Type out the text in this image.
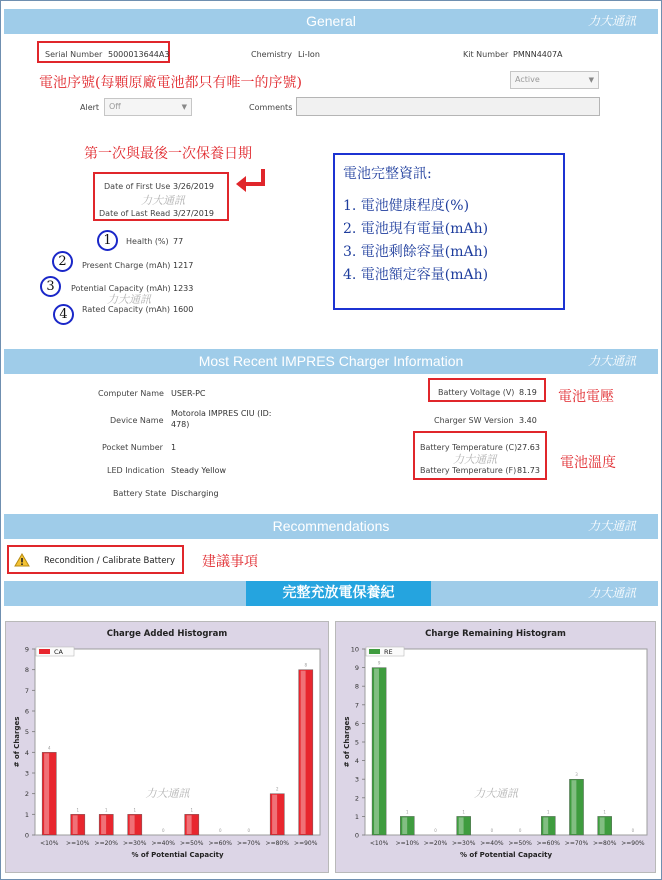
General	力大通訊
Serial Number 5000013644A3	Chemistry Li-Ion	Kit Number PMNN4407A
電池序號(每顆原廠電池都只有唯一的序號)	Active	▼
Alert	Off	▼	Comments
第一次與最後一次保養日期
Date of First Use 3/26/2019
力大通訊
Date of Last Read 3/27/2019
電池完整資訊:
1. 電池健康程度(%)
2. 電池現有電量(mAh)
3. 電池剩餘容量(mAh)
4. 電池額定容量(mAh)
1	Health (%) 77
2	Present Charge (mAh) 1217
3	Potential Capacity (mAh) 1233
力大通訊
4	Rated Capacity (mAh) 1600
Most Recent IMPRES Charger Information	力大通訊
Computer Name USER-PC
Device Name
Motorola IMPRES CIU (ID:
478)
Pocket Number 1
LED Indication Steady Yellow
Battery State Discharging
Battery Voltage (V) 8.19 電池電壓
Charger SW Version 3.40
Battery Temperature (C) 27.63
力大通訊
Battery Temperature (F) 81.73 電池溫度
Recommendations	力大通訊
Recondition / Calibrate Battery 建議事項
力大通訊
完整充放電保養紀
Charge Added Histogram
CA
0
1
2
3
4
5
6
7
8
9
# of Charges	4
<10%
1
>=10%
1
>=20%
1
>=30%
0
>=40%
1
>=50%
0
>=60%
0
>=70%
2
>=80%
8
>=90%
% of Potential Capacity
力大通訊
Charge Remaining Histogram
RE
0
1
2
3
4
5
6
7
8
9
10
# of Charges
9
<10%
1
>=10%
0
>=20%
1
>=30%
0
>=40%
0
>=50%
1
>=60%
3
>=70%
1
>=80%
0
>=90%
% of Potential Capacity
力大通訊
